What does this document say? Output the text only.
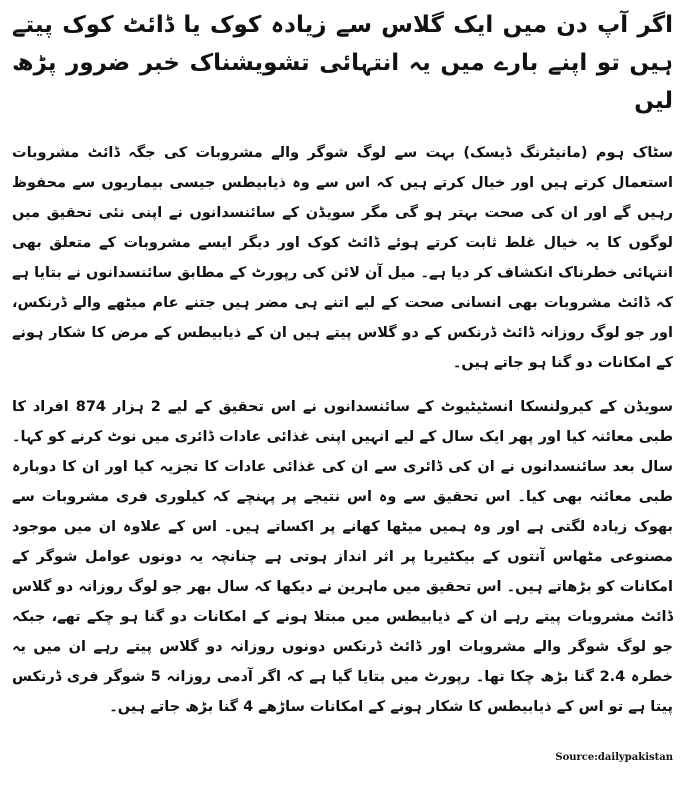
اگر آپ دن میں ایک گلاس سے زیادہ کوک یا ڈائٹ کوک پیتے ہیں تو اپنے بارے میں یہ انتہائی تشویشناک خبر ضرور پڑھ لیں

سٹاک ہوم (مانیٹرنگ ڈیسک) بہت سے لوگ شوگر والے مشروبات کی جگہ ڈائٹ مشروبات استعمال کرتے ہیں اور خیال کرتے ہیں کہ اس سے وہ ذیابیطس جیسی بیماریوں سے محفوظ رہیں گے اور ان کی صحت بہتر ہو گی مگر سویڈن کے سائنسدانوں نے اپنی نئی تحقیق میں لوگوں کا یہ خیال غلط ثابت کرتے ہوئے ڈائٹ کوک اور دیگر ایسے مشروبات کے متعلق بھی انتہائی خطرناک انکشاف کر دیا ہے۔ میل آن لائن کی رپورٹ کے مطابق سائنسدانوں نے بتایا ہے کہ ڈائٹ مشروبات بھی انسانی صحت کے لیے اتنے ہی مضر ہیں جتنے عام میٹھے والے ڈرنکس، اور جو لوگ روزانہ ڈائٹ ڈرنکس کے دو گلاس پیتے ہیں ان کے ذیابیطس کے مرض کا شکار ہونے کے امکانات دو گنا ہو جاتے ہیں۔

سویڈن کے کیرولنسکا انسٹیٹیوٹ کے سائنسدانوں نے اس تحقیق کے لیے 2 ہزار 874 افراد کا طبی معائنہ کیا اور پھر ایک سال کے لیے انہیں اپنی غذائی عادات ڈائری میں نوٹ کرنے کو کہا۔ سال بعد سائنسدانوں نے ان کی ڈائری سے ان کی غذائی عادات کا تجزیہ کیا اور ان کا دوبارہ طبی معائنہ بھی کیا۔ اس تحقیق سے وہ اس نتیجے پر پہنچے کہ کیلوری فری مشروبات سے بھوک زیادہ لگتی ہے اور وہ ہمیں میٹھا کھانے پر اکساتے ہیں۔ اس کے علاوہ ان میں موجود مصنوعی مٹھاس آنتوں کے بیکٹیریا پر اثر انداز ہوتی ہے چنانچہ یہ دونوں عوامل شوگر کے امکانات کو بڑھاتے ہیں۔ اس تحقیق میں ماہرین نے دیکھا کہ سال بھر جو لوگ روزانہ دو گلاس ڈائٹ مشروبات پیتے رہے ان کے ذیابیطس میں مبتلا ہونے کے امکانات دو گنا ہو چکے تھے، جبکہ جو لوگ شوگر والے مشروبات اور ڈائٹ ڈرنکس دونوں روزانہ دو گلاس پیتے رہے ان میں یہ خطرہ 2.4 گنا بڑھ چکا تھا۔ رپورٹ میں بتایا گیا ہے کہ اگر آدمی روزانہ 5 شوگر فری ڈرنکس پیتا ہے تو اس کے ذیابیطس کا شکار ہونے کے امکانات ساڑھے 4 گنا بڑھ جاتے ہیں۔

Source:dailypakistan
